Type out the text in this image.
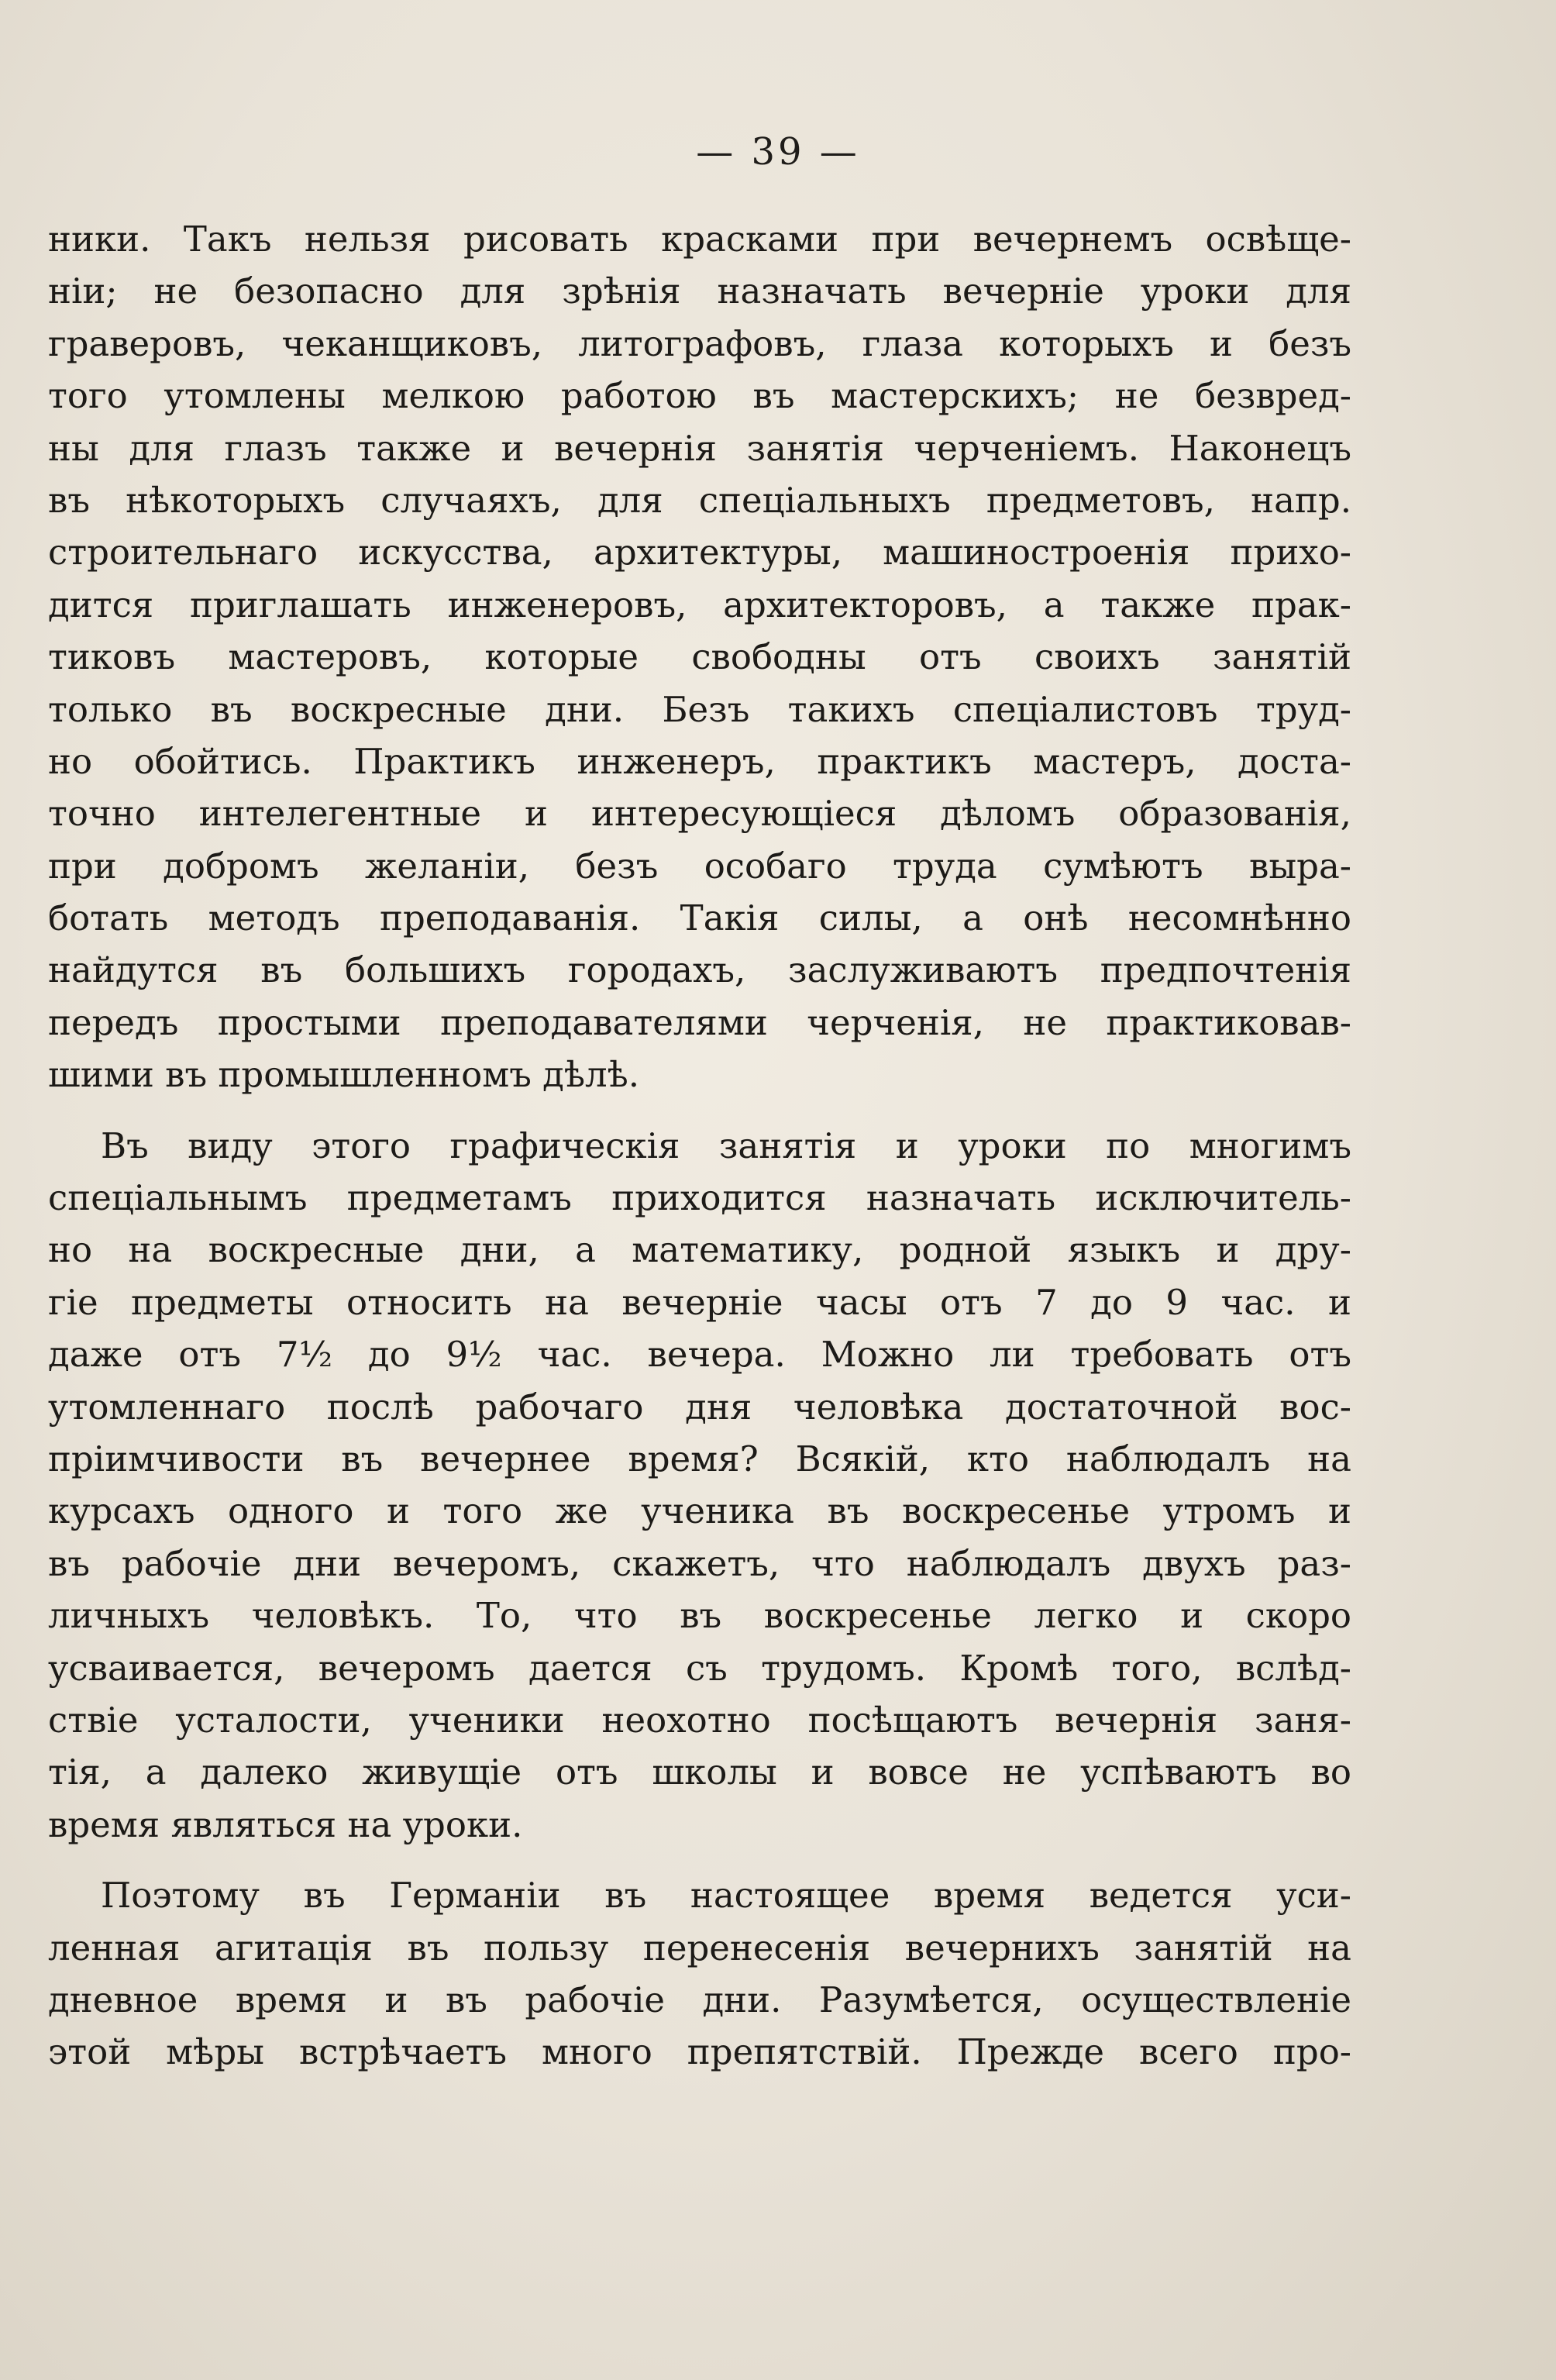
— 39 —
ники. Такъ нельзя рисовать красками при вечернемъ освѣще-
ніи; не безопасно для зрѣнія назначать вечерніе уроки для
граверовъ, чеканщиковъ, литографовъ, глаза которыхъ и безъ
того утомлены мелкою работою въ мастерскихъ; не безвред-
ны для глазъ также и вечернія занятія черченіемъ. Наконецъ
въ нѣкоторыхъ случаяхъ, для спеціальныхъ предметовъ, напр.
строительнаго искусства, архитектуры, машиностроенія прихо-
дится приглашать инженеровъ, архитекторовъ, а также прак-
тиковъ мастеровъ, которые свободны отъ своихъ занятій
только въ воскресные дни. Безъ такихъ спеціалистовъ труд-
но обойтись. Практикъ инженеръ, практикъ мастеръ, доста-
точно интелегентные и интересующіеся дѣломъ образованія,
при добромъ желаніи, безъ особаго труда сумѣютъ выра-
ботать методъ преподаванія. Такія силы, а онѣ несомнѣнно
найдутся въ большихъ городахъ, заслуживаютъ предпочтенія
передъ простыми преподавателями черченія, не практиковав-
шими въ промышленномъ дѣлѣ.
Въ виду этого графическія занятія и уроки по многимъ
спеціальнымъ предметамъ приходится назначать исключитель-
но на воскресные дни, а математику, родной языкъ и дру-
гіе предметы относить на вечерніе часы отъ 7 до 9 час. и
даже отъ 7½ до 9½ час. вечера. Можно ли требовать отъ
утомленнаго послѣ рабочаго дня человѣка достаточной вос-
пріимчивости въ вечернее время? Всякій, кто наблюдалъ на
курсахъ одного и того же ученика въ воскресенье утромъ и
въ рабочіе дни вечеромъ, скажетъ, что наблюдалъ двухъ раз-
личныхъ человѣкъ. То, что въ воскресенье легко и скоро
усваивается, вечеромъ дается съ трудомъ. Кромѣ того, вслѣд-
ствіе усталости, ученики неохотно посѣщаютъ вечернія заня-
тія, а далеко живущіе отъ школы и вовсе не успѣваютъ во
время являться на уроки.
Поэтому въ Германіи въ настоящее время ведется уси-
ленная агитація въ пользу перенесенія вечернихъ занятій на
дневное время и въ рабочіе дни. Разумѣется, осуществленіе
этой мѣры встрѣчаетъ много препятствій. Прежде всего про-
